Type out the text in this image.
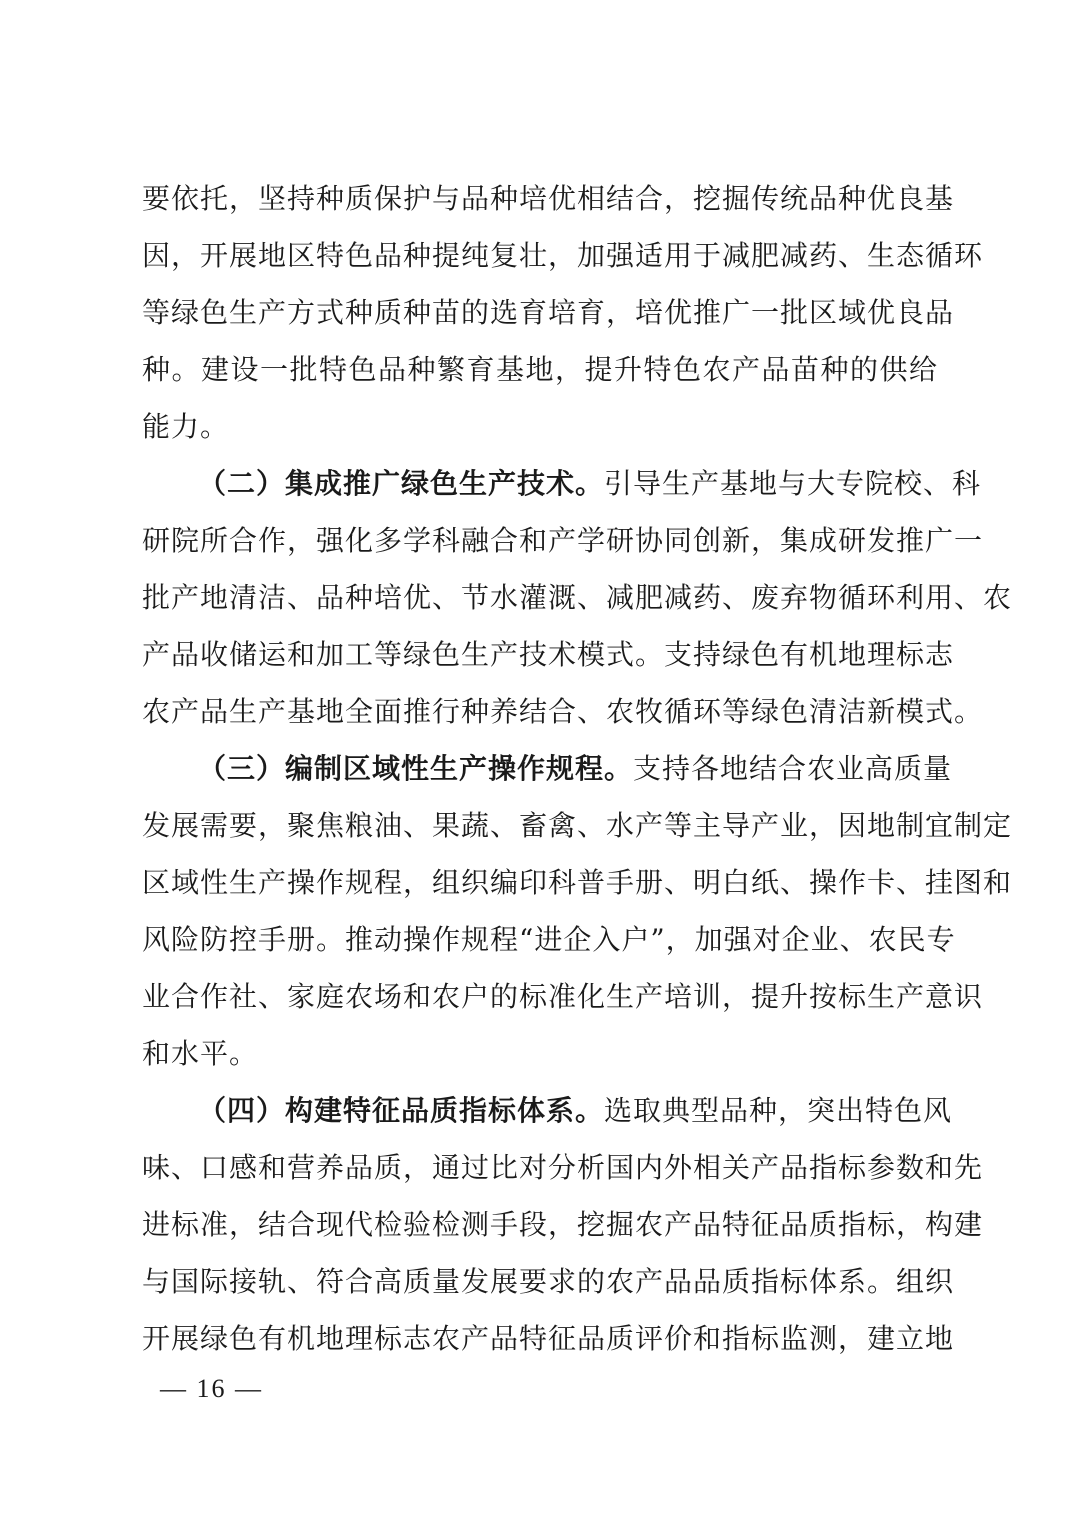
要依托，坚持种质保护与品种培优相结合，挖掘传统品种优良基
因，开展地区特色品种提纯复壮，加强适用于减肥减药、生态循环
等绿色生产方式种质种苗的选育培育，培优推广一批区域优良品
种。建设一批特色品种繁育基地，提升特色农产品苗种的供给
能力。
（二）集成推广绿色生产技术。引导生产基地与大专院校、科
研院所合作，强化多学科融合和产学研协同创新，集成研发推广一
批产地清洁、品种培优、节水灌溉、减肥减药、废弃物循环利用、农
产品收储运和加工等绿色生产技术模式。支持绿色有机地理标志
农产品生产基地全面推行种养结合、农牧循环等绿色清洁新模式。
（三）编制区域性生产操作规程。支持各地结合农业高质量
发展需要，聚焦粮油、果蔬、畜禽、水产等主导产业，因地制宜制定
区域性生产操作规程，组织编印科普手册、明白纸、操作卡、挂图和
风险防控手册。推动操作规程“进企入户”，加强对企业、农民专
业合作社、家庭农场和农户的标准化生产培训，提升按标生产意识
和水平。
（四）构建特征品质指标体系。选取典型品种，突出特色风
味、口感和营养品质，通过比对分析国内外相关产品指标参数和先
进标准，结合现代检验检测手段，挖掘农产品特征品质指标，构建
与国际接轨、符合高质量发展要求的农产品品质指标体系。组织
开展绿色有机地理标志农产品特征品质评价和指标监测，建立地
— 16 —
